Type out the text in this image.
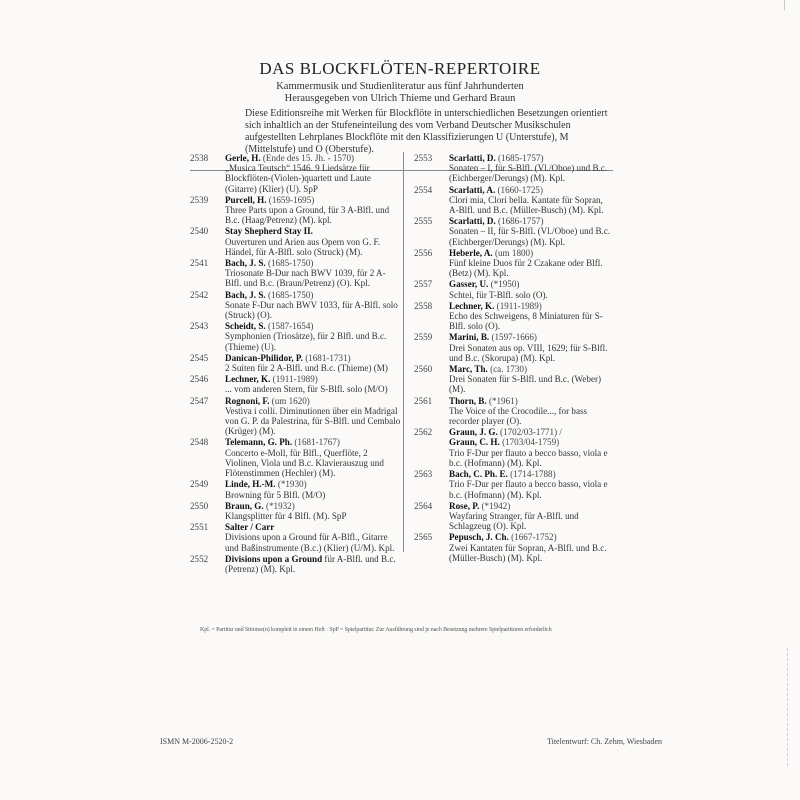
DAS BLOCKFLÖTEN-REPERTOIRE
Kammermusik und Studienliteratur aus fünf Jahrhunderten
Herausgegeben von Ulrich Thieme und Gerhard Braun

Diese Editionsreihe mit Werken für Blockflöte in unterschiedlichen Besetzungen orientiert sich inhaltlich an der Stufeneinteilung des vom Verband Deutscher Musikschulen aufgestellten Lehrplanes Blockflöte mit den Klassifizierungen U (Unterstufe), M (Mittelstufe) und O (Oberstufe).

2538	Gerle, H. (Ende des 15. Jh. - 1570)
„Musica Teutsch“ 1546. 9 Liedsätze für Blockflöten-(Violen-)quartett und Laute (Gitarre) (Klier) (U). SpP
2539	Purcell, H. (1659-1695)
Three Parts upon a Ground, für 3 A-Blfl. und B.c. (Haag/Petrenz) (M). kpl.
2540	Stay Shepherd Stay II.
Ouverturen und Arien aus Opern von G. F. Händel, für A-Blfl. solo (Struck) (M).
2541	Bach, J. S. (1685-1750)
Triosonate B-Dur nach BWV 1039, für 2 A-Blfl. und B.c. (Braun/Petrenz) (O). Kpl.
2542	Bach, J. S. (1685-1750)
Sonate F-Dur nach BWV 1033, für A-Blfl. solo (Struck) (O).
2543	Scheidt, S. (1587-1654)
Symphonien (Triosätze), für 2 Blfl. und B.c. (Thieme) (U).
2545	Danican-Philidor, P. (1681-1731)
2 Suiten für 2 A-Blfl. und B.c. (Thieme) (M)
2546	Lechner, K. (1911-1989)
... vom anderen Stern, für S-Blfl. solo (M/O)
2547	Rognoni, F. (um 1620)
Vestiva i colli. Diminutionen über ein Madrigal von G. P. da Palestrina, für S-Blfl. und Cembalo (Krüger) (M).
2548	Telemann, G. Ph. (1681-1767)
Concerto e-Moll, für Blfl., Querflöte, 2 Violinen, Viola und B.c. Klavierauszug und Flötenstimmen (Hechler) (M).
2549	Linde, H.-M. (*1930)
Browning für 5 Blfl. (M/O)
2550	Braun, G. (*1932)
Klangsplitter für 4 Blfl. (M). SpP
2551	Salter / Carr
Divisions upon a Ground für A-Blfl., Gitarre und Baßinstrumente (B.c.) (Klier) (U/M). Kpl.
2552	Divisions upon a Ground für A-Blfl. und B.c. (Petrenz) (M). Kpl.
2553	Scarlatti, D. (1685-1757)
Sonaten – I, für S-Blfl. (Vl./Oboe) und B.c. (Eichberger/Derungs) (M). Kpl.
2554	Scarlatti, A. (1660-1725)
Clori mia, Clori bella. Kantate für Sopran, A-Blfl. und B.c. (Müller-Busch) (M). Kpl.
2555	Scarlatti, D. (1686-1757)
Sonaten – II, für S-Blfl. (Vl./Oboe) und B.c. (Eichberger/Derungs) (M). Kpl.
2556	Heberle, A. (um 1800)
Fünf kleine Duos für 2 Czakane oder Blfl. (Betz) (M). Kpl.
2557	Gasser, U. (*1950)
Schtei, für T-Blfl. solo (O).
2558	Lechner, K. (1911-1989)
Echo des Schweigens, 8 Miniaturen für S-Blfl. solo (O).
2559	Marini, B. (1597-1666)
Drei Sonaten aus op. VIII, 1629; für S-Blfl. und B.c. (Skorupa) (M). Kpl.
2560	Marc, Th. (ca. 1730)
Drei Sonaten für S-Blfl. und B.c. (Weber) (M).
2561	Thorn, B. (*1961)
The Voice of the Crocodile..., for bass recorder player (O).
2562	Graun, J. G. (1702/03-1771) /
Graun, C. H. (1703/04-1759)
Trio F-Dur per flauto a becco basso, viola e b.c. (Hofmann) (M). Kpl.
2563	Bach, C. Ph. E. (1714-1788)
Trio F-Dur per flauto a becco basso, viola e b.c. (Hofmann) (M). Kpl.
2564	Rose, P. (*1942)
Wayfaring Stranger, für A-Blfl. und Schlagzeug (O). Kpl.
2565	Pepusch, J. Ch. (1667-1752)
Zwei Kantaten für Sopran, A-Blfl. und B.c. (Müller-Busch) (M). Kpl.
Kpl. = Partitur und Stimme(n) komplett in einem Heft · SpP = Spielpartitur. Zur Ausführung sind je nach Besetzung mehrere Spielpartituren erforderlich
ISMN M-2006-2520-2	Titelentwurf: Ch. Zehm, Wiesbaden
